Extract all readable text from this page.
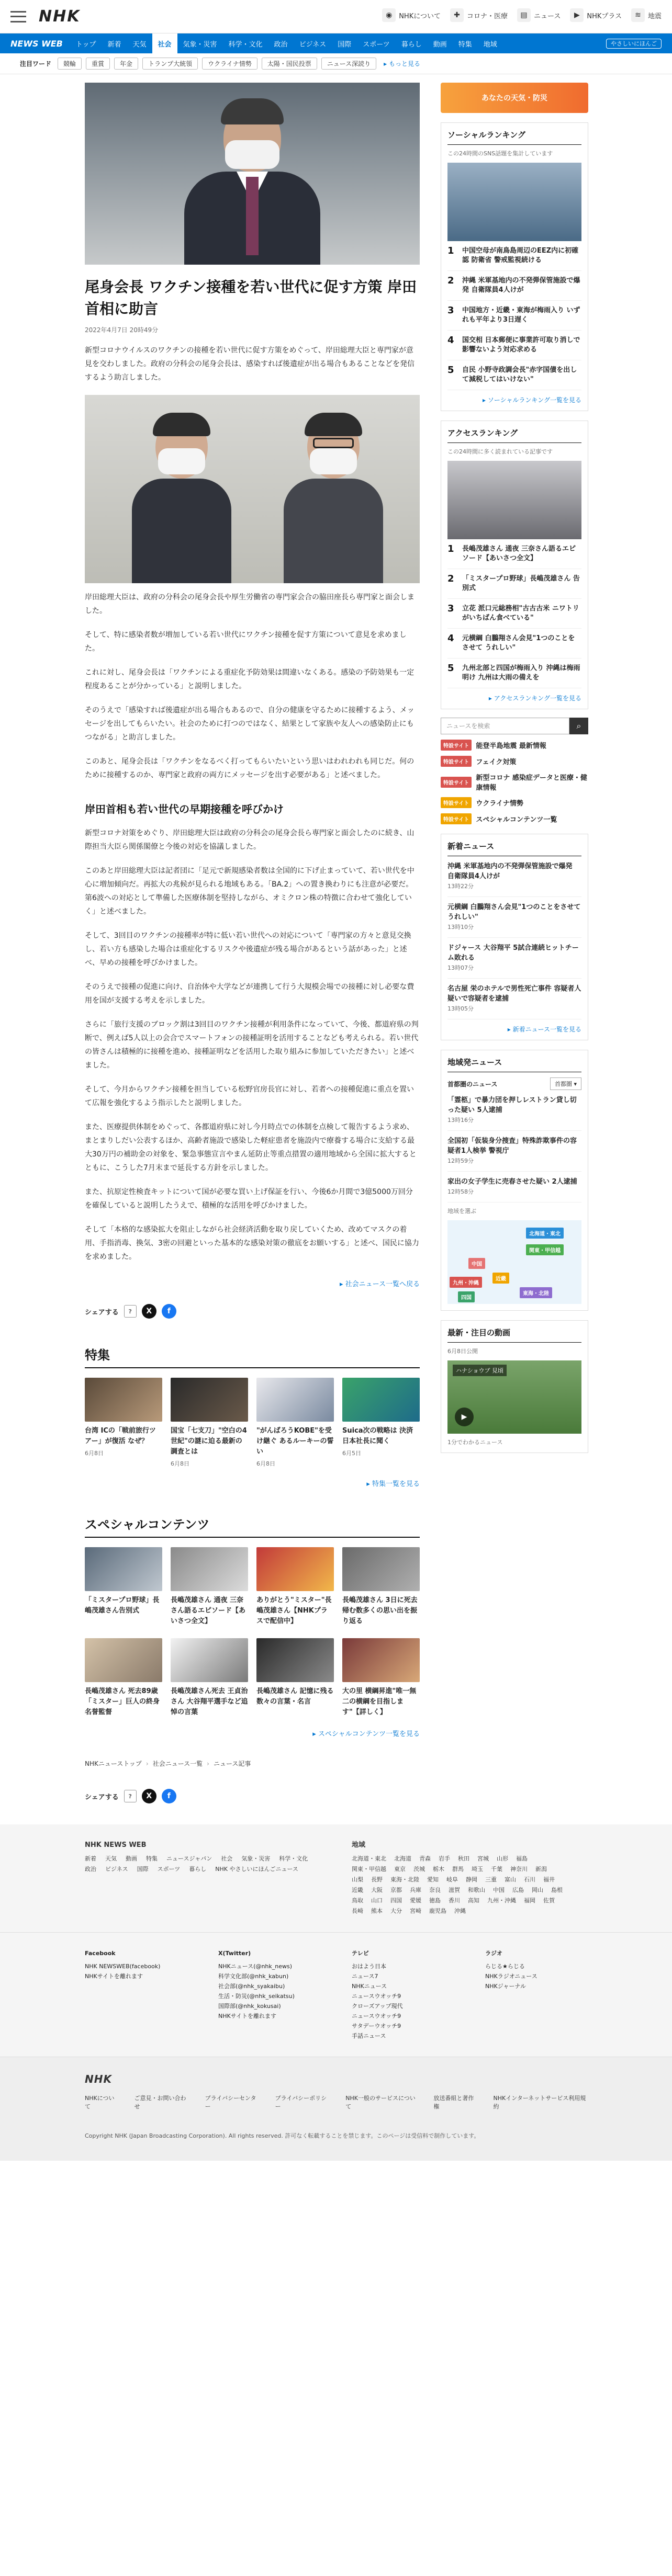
NHK	◉ NHKについて	✚	コロナ・医療	▤ ニュース	▶	NHKプラス	≋	地震
NEWS WEB	トップ	新着	天気	社会	気象・災害	科学・文化	政治	ビジネス	国際	スポーツ	暮らし	動画	特集	地域	やさしいにほんご
注目ワード	競輪	重賞	年金	トランプ大統領	ウクライナ情勢	太陽・国民投票	ニュース深読り	▸ もっと見る
尾身会長 ワクチン接種を若い世代に促す方策 岸田首相に助言
2022年4月7日 20時49分

新型コロナウイルスのワクチンの接種を若い世代に促す方策をめぐって、岸田総理大臣と専門家が意見を交わしました。政府の分科会の尾身会長は、感染すれば後遺症が出る場合もあることなどを発信するよう助言しました。

岸田総理大臣は、政府の分科会の尾身会長や厚生労働省の専門家会合の脇田座長ら専門家と面会しました。

そして、特に感染者数が増加している若い世代にワクチン接種を促す方策について意見を求めました。

これに対し、尾身会長は「ワクチンによる重症化予防効果は間違いなくある。感染の予防効果も一定程度あることが分かっている」と説明しました。

そのうえで「感染すれば後遺症が出る場合もあるので、自分の健康を守るために接種するよう、メッセージを出してもらいたい。社会のために打つのではなく、結果として家族や友人への感染防止にもつながる」と助言しました。

このあと、尾身会長は「ワクチンをなるべく打ってもらいたいという思いはわれわれも同じだ。何のために接種するのか、専門家と政府の両方にメッセージを出す必要がある」と述べました。

岸田首相も若い世代の早期接種を呼びかけ

新型コロナ対策をめぐり、岸田総理大臣は政府の分科会の尾身会長ら専門家と面会したのに続き、山際担当大臣ら関係閣僚と今後の対応を協議しました。

このあと岸田総理大臣は記者団に「足元で新規感染者数は全国的に下げ止まっていて、若い世代を中心に増加傾向だ。再拡大の兆候が見られる地域もある。「BA.2」への置き換わりにも注意が必要だ。第6波への対応として準備した医療体制を堅持しながら、オミクロン株の特徴に合わせて強化していく」と述べました。

そして、3回目のワクチンの接種率が特に低い若い世代への対応について「専門家の方々と意見交換し、若い方も感染した場合は重症化するリスクや後遺症が残る場合があるという話があった」と述べ、早めの接種を呼びかけました。

そのうえで接種の促進に向け、自治体や大学などが連携して行う大規模会場での接種に対し必要な費用を国が支援する考えを示しました。

さらに「旅行支援のブロック割は3回目のワクチン接種が利用条件になっていて、今後、都道府県の判断で、例えば5人以上の会合でスマートフォンの接種証明を活用することなども考えられる。若い世代の皆さんは積極的に接種を進め、接種証明などを活用した取り組みに参加していただきたい」と述べました。

そして、今月からワクチン接種を担当している松野官房長官に対し、若者への接種促進に重点を置いて広報を強化するよう指示したと説明しました。

また、医療提供体制をめぐって、各都道府県に対し今月時点での体制を点検して報告するよう求め、まとまりしだい公表するほか、高齢者施設で感染した軽症患者を施設内で療養する場合に支給する最大30万円の補助金の対象を、緊急事態宣言やまん延防止等重点措置の適用地域から全国に拡大するとともに、こうした7月末まで延長する方針を示しました。

また、抗原定性検査キットについて国が必要な買い上げ保証を行い、今後6か月間で3億5000万回分を確保していると説明したうえで、積極的な活用を呼びかけました。

そして「本格的な感染拡大を阻止しながら社会経済活動を取り戻していくため、改めてマスクの着用、手指消毒、換気、3密の回避といった基本的な感染対策の徹底をお願いする」と述べ、国民に協力を求めました。

▸ 社会ニュース一覧へ戻る
シェアする	?	X	f
特集
台湾 ICの「戦前旅行ツアー」が復活 なぜ？
6月8日
国宝「七支刀」"空白の4世紀"の謎に迫る最新の調査とは
6月8日
"がんばろうKOBE"を受け継ぐ あるルーキーの誓い
6月8日
Suica次の戦略は 決済日本社長に聞く
6月5日
▸ 特集一覧を見る
スペシャルコンテンツ
「ミスタープロ野球」長嶋茂雄さん告別式
長嶋茂雄さん 通夜 三奈さん語るエピソード【あいさつ全文】
ありがとう"ミスター"長嶋茂雄さん【NHKプラスで配信中】
長嶋茂雄さん 3日に死去 帰む数多くの思い出を振り返る
長嶋茂雄さん 死去89歳「ミスター」巨人の終身名誉監督
長嶋茂雄さん死去 王貞治さん 大谷翔平選手など追悼の言葉
長嶋茂雄さん 記憶に残る数々の言葉・名言
大の里 横綱昇進"唯一無二の横綱を目指します"【詳しく】
▸ スペシャルコンテンツ一覧を見る
NHKニューストップ › 社会ニュース一覧 › ニュース記事
シェアする	?	X	f
あなたの天気・防災
ソーシャルランキング
この24時間のSNS話題を集計しています
1	中国空母が南鳥島周辺のEEZ内に初確認 防衛省 警戒監視続ける
2	沖縄 米軍基地内の不発弾保管施設で爆発 自衛隊員4人けが
3	中国地方・近畿・東海が梅雨入り いずれも平年より3日遅く
4	国交相 日本郵便に事業許可取り消しで影響ないよう対応求める
5	自民 小野寺政調会長"赤字国債を出して減税してはいけない"
▸ ソーシャルランキング一覧を見る
アクセスランキング
この24時間に多く読まれている記事です
1	長嶋茂雄さん 通夜 三奈さん語るエピソード【あいさつ全文】
2	「ミスタープロ野球」長嶋茂雄さん 告別式
3	立花 派口元総務相"古古古米 ニワトリがいちばん食べている"
4	元横綱 白鵬翔さん会見"1つのことをさせて うれしい"
5	九州北部と四国が梅雨入り 沖縄は梅雨明け 九州は大雨の備えを
▸ アクセスランキング一覧を見る
ニュースを検索	⌕
特設サイト	能登半島地震 最新情報
特設サイト	フェイク対策
特設サイト
新型コロナ 感染症データと医療・健康情報
特設サイト	ウクライナ情勢
特設サイト	スペシャルコンテンツ一覧
新着ニュース
沖縄 米軍基地内の不発弾保管施設で爆発 自衛隊員4人けが
13時22分
元横綱 白鵬翔さん会見"1つのことをさせてうれしい"
13時10分
ドジャース 大谷翔平 5試合連続ヒットチーム敗れる
13時07分
名古屋 栄のホテルで男性死亡事件 容疑者人疑いで容疑者を逮捕
13時05分
▸ 新着ニュース一覧を見る
地域発ニュース
首都圏のニュース	首都圏 ▾
「霊柩」で暴力団を押しレストラン貸し切った疑い 5人逮捕
13時16分
全国初「仮装身分捜査」特殊詐欺事件の容疑者1人検挙 警視庁
12時59分
家出の女子学生に売春させた疑い 2人逮捕
12時58分
地域を選ぶ
北海道・東北
関東・甲信越
中国
近畿
東海・北陸
九州・沖縄
四国
最新・注目の動画
6月8日公開
ハナショウブ 見頃
▶
1分でわかるニュース
NHK NEWS WEB
新着　天気　動画　特集　ニュースジャパン　社会　気象・災害　科学・文化　政治　ビジネス　国際　スポーツ　暮らし　NHK やさしいにほんごニュース　
地域
北海道・東北　北海道　青森　岩手　秋田　宮城　山形　福島　関東・甲信越　東京　茨城　栃木　群馬　埼玉　千葉　神奈川　新潟　山梨　長野　東海・北陸　愛知　岐阜　静岡　三重　富山　石川　福井　近畿　大阪　京都　兵庫　奈良　滋賀　和歌山　中国　広島　岡山　島根　鳥取　山口　四国　愛媛　徳島　香川　高知　九州・沖縄　福岡　佐賀　長崎　熊本　大分　宮崎　鹿児島　沖縄　
Facebook
NHK NEWSWEB(facebook)
NHKサイトを離れます
X(Twitter)
NHKニュース(@nhk_news)
科学文化部(@nhk_kabun)
社会部(@nhk_syakaibu)
生活・防災(@nhk_seikatsu)
国際部(@nhk_kokusai)
NHKサイトを離れます
テレビ
おはよう日本
ニュース7
NHKニュース
ニュースウオッチ9
クローズアップ現代
ニュースウオッチ9
サタデーウオッチ9
手話ニュース
ラジオ
らじる★らじる
NHKラジオニュース
NHKジャーナル
NHK
NHKについて
ご意見・お問い合わせ
プライバシーセンター
プライバシーポリシー
NHK一般のサービスについて
放送番組と著作権
NHKインターネットサービス利用規約
Copyright NHK (Japan Broadcasting Corporation). All rights reserved. 許可なく転載することを禁じます。このページは受信料で制作しています。
